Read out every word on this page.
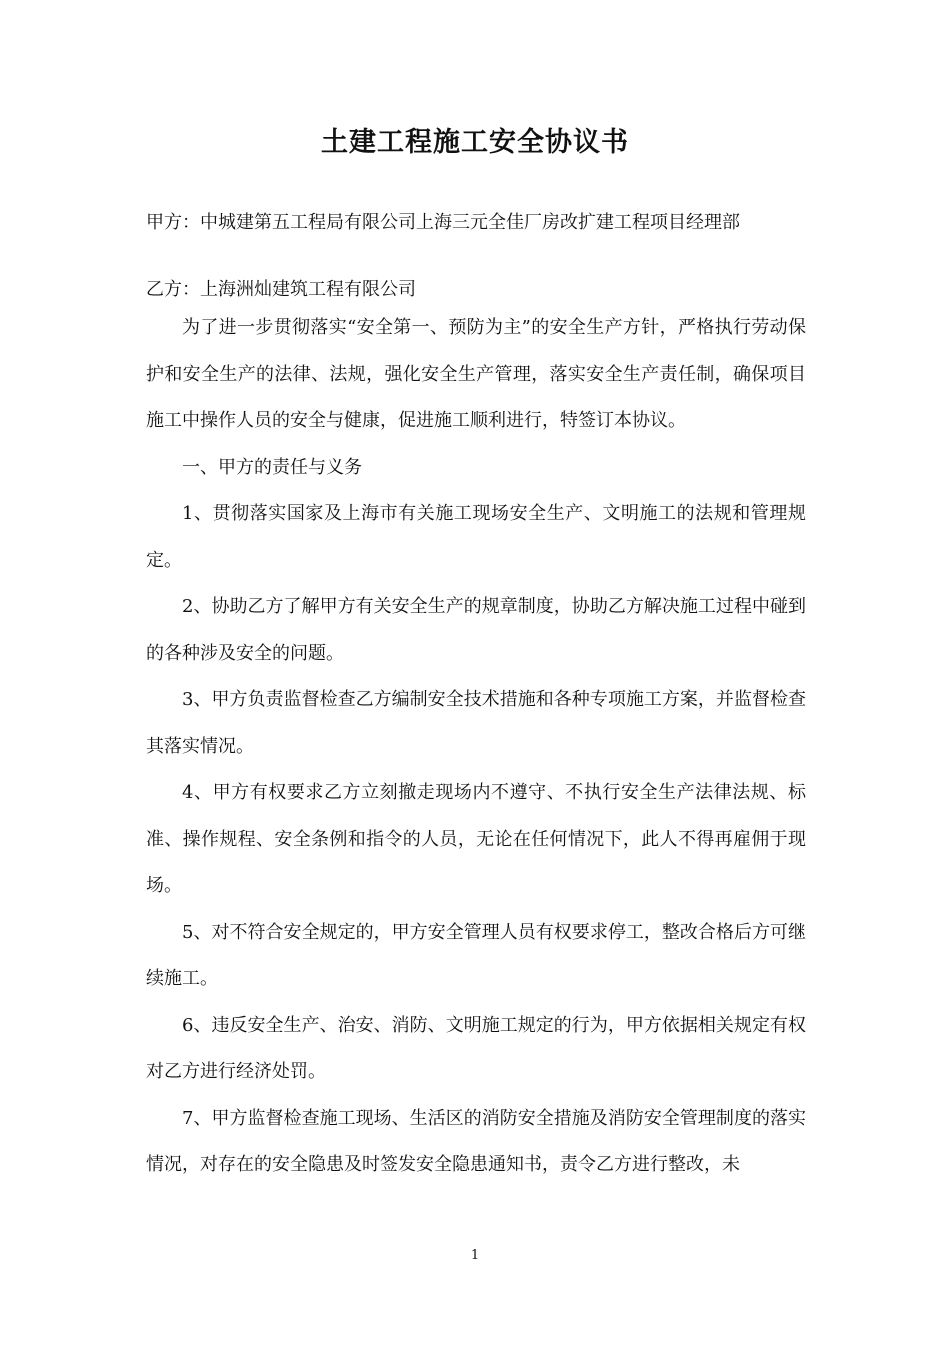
土建工程施工安全协议书
甲方：中城建第五工程局有限公司上海三元全佳厂房改扩建工程项目经理部
乙方：上海洲灿建筑工程有限公司

为了进一步贯彻落实“安全第一、预防为主”的安全生产方针，严格执行劳动保护和安全生产的法律、法规，强化安全生产管理，落实安全生产责任制，确保项目施工中操作人员的安全与健康，促进施工顺利进行，特签订本协议。

一、甲方的责任与义务

1、贯彻落实国家及上海市有关施工现场安全生产、文明施工的法规和管理规定。

2、协助乙方了解甲方有关安全生产的规章制度，协助乙方解决施工过程中碰到的各种涉及安全的问题。

3、甲方负责监督检查乙方编制安全技术措施和各种专项施工方案，并监督检查其落实情况。

4、甲方有权要求乙方立刻撤走现场内不遵守、不执行安全生产法律法规、标准、操作规程、安全条例和指令的人员，无论在任何情况下，此人不得再雇佣于现场。

5、对不符合安全规定的，甲方安全管理人员有权要求停工，整改合格后方可继续施工。

6、违反安全生产、治安、消防、文明施工规定的行为，甲方依据相关规定有权对乙方进行经济处罚。

7、甲方监督检查施工现场、生活区的消防安全措施及消防安全管理制度的落实情况，对存在的安全隐患及时签发安全隐患通知书，责令乙方进行整改，未

1
